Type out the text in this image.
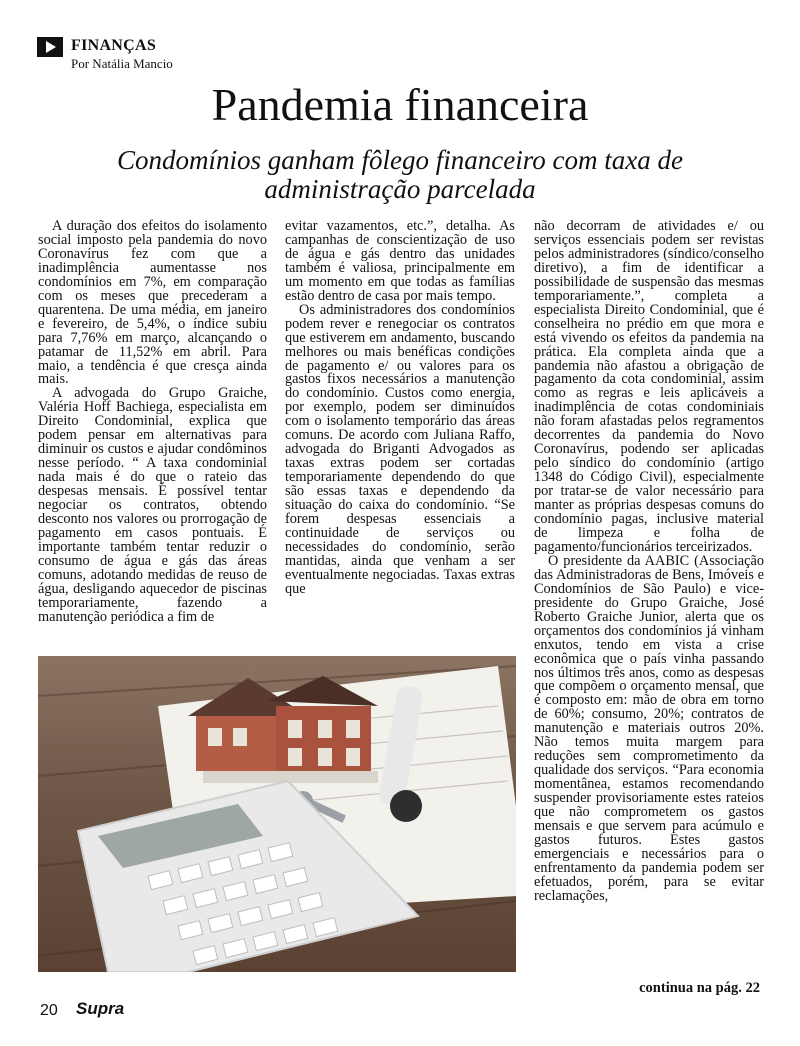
FINANÇAS
Por Natália Mancio
Pandemia financeira
Condomínios ganham fôlego financeiro com taxa de administração parcelada

A duração dos efeitos do isolamento social imposto pela pandemia do novo Coronavírus fez com que a inadimplência aumentasse nos condomínios em 7%, em comparação com os meses que precederam a quarentena. De uma média, em janeiro e fevereiro, de 5,4%, o índice subiu para 7,76% em março, alcançando o patamar de 11,52% em abril. Para maio, a tendência é que cresça ainda mais.

A advogada do Grupo Graiche, Valéria Hoff Bachiega, especialista em Direito Condominial, explica que podem pensar em alternativas para diminuir os custos e ajudar condôminos nesse período. “ A taxa condominial nada mais é do que o rateio das despesas mensais. É possível tentar negociar os contratos, obtendo desconto nos valores ou prorrogação de pagamento em casos pontuais. É importante também tentar reduzir o consumo de água e gás das áreas comuns, adotando medidas de reuso de água, desligando aquecedor de piscinas temporariamente, fazendo a manutenção periódica a fim de

evitar vazamentos, etc.”, detalha. As campanhas de conscientização de uso de água e gás dentro das unidades também é valiosa, principalmente em um momento em que todas as famílias estão dentro de casa por mais tempo.

Os administradores dos condomínios podem rever e renegociar os contratos que estiverem em andamento, buscando melhores ou mais benéficas condições de pagamento e/ ou valores para os gastos fixos necessários a manutenção do condomínio. Custos como energia, por exemplo, podem ser diminuídos com o isolamento temporário das áreas comuns. De acordo com Juliana Raffo, advogada do Briganti Advogados as taxas extras podem ser cortadas temporariamente dependendo do que são essas taxas e dependendo da situação do caixa do condomínio. “Se forem despesas essenciais a continuidade de serviços ou necessidades do condomínio, serão mantidas, ainda que venham a ser eventualmente negociadas. Taxas extras que

não decorram de atividades e/ ou serviços essenciais podem ser revistas pelos administradores (síndico/conselho diretivo), a fim de identificar a possibilidade de suspensão das mesmas temporariamente.”, completa a especialista Direito Condominial, que é conselheira no prédio em que mora e está vivendo os efeitos da pandemia na prática. Ela completa ainda que a pandemia não afastou a obrigação de pagamento da cota condominial, assim como as regras e leis aplicáveis a inadimplência de cotas condominiais não foram afastadas pelos regramentos decorrentes da pandemia do Novo Coronavírus, podendo ser aplicadas pelo síndico do condomínio (artigo 1348 do Código Civil), especialmente por tratar-se de valor necessário para manter as próprias despesas comuns do condomínio pagas, inclusive material de limpeza e folha de pagamento/funcionários terceirizados.

O presidente da AABIC (Associação das Administradoras de Bens, Imóveis e Condomínios de São Paulo) e vice-presidente do Grupo Graiche, José Roberto Graiche Junior, alerta que os orçamentos dos condomínios já vinham enxutos, tendo em vista a crise econômica que o país vinha passando nos últimos três anos, como as despesas que compõem o orçamento mensal, que é composto em: mão de obra em torno de 60%; consumo, 20%; contratos de manutenção e materiais outros 20%. Não temos muita margem para reduções sem comprometimento da qualidade dos serviços. “Para economia momentânea, estamos recomendando suspender provisoriamente estes rateios que não comprometem os gastos mensais e que servem para acúmulo e gastos futuros. Estes gastos emergenciais e necessários para o enfrentamento da pandemia podem ser efetuados, porém, para se evitar reclamações,

continua na pág. 22
20 Supra
